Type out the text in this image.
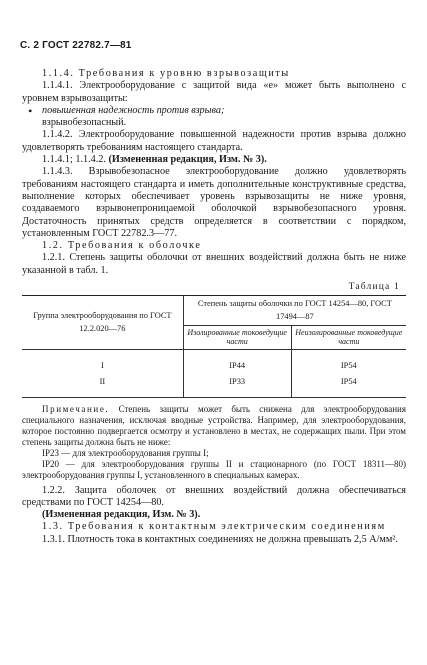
С. 2 ГОСТ 22782.7—81

1.1.4. Требования к уровню взрывозащиты

1.1.4.1. Электрооборудование с защитой вида «е» может быть выполнено с уровнем взрывозащиты:

• повышенная надежность против взрыва;

взрывобезопасный.

1.1.4.2. Электрооборудование повышенной надежности против взрыва должно удовлетворять требованиям настоящего стандарта.

1.1.4.1; 1.1.4.2. (Измененная редакция, Изм. № 3).

1.1.4.3. Взрывобезопасное электрооборудование должно удовлетворять требованиям настоящего стандарта и иметь дополнительные конструктивные средства, выполнение которых обеспечивает уровень взрывозащиты не ниже уровня, создаваемого взрывонепроницаемой оболочкой взрывобезопасного уровня. Достаточность принятых средств определяется в соответствии с порядком, установленным ГОСТ 22782.3—77.

1.2. Требования к оболочке

1.2.1. Степень защиты оболочки от внешних воздействий должна быть не ниже указанной в табл. 1.

Таблица 1
Группа электрооборудования по ГОСТ 12.2.020—76	Степень защиты оболочки по ГОСТ 14254—80, ГОСТ 17494—87	
	Изолированные токоведущие части	Неизолированные токоведущие части
I	IP44	IP54
II	IP33	IP54

Примечание. Степень защиты может быть снижена для электрооборудования специального назначения, исключая вводные устройства. Например, для электрооборудования, которое постоянно подвергается осмотру и установлено в местах, не содержащих пыли. При этом степень защиты должна быть не ниже:

IP23 — для электрооборудования группы I;

IP20 — для электрооборудования группы II и стационарного (по ГОСТ 18311—80) электрооборудования группы I, установленного в специальных камерах.

1.2.2. Защита оболочек от внешних воздействий должна обеспечиваться средствами по ГОСТ 14254—80.

(Измененная редакция, Изм. № 3).

1.3. Требования к контактным электрическим соединениям

1.3.1. Плотность тока в контактных соединениях не должна превышать 2,5 А/мм².
